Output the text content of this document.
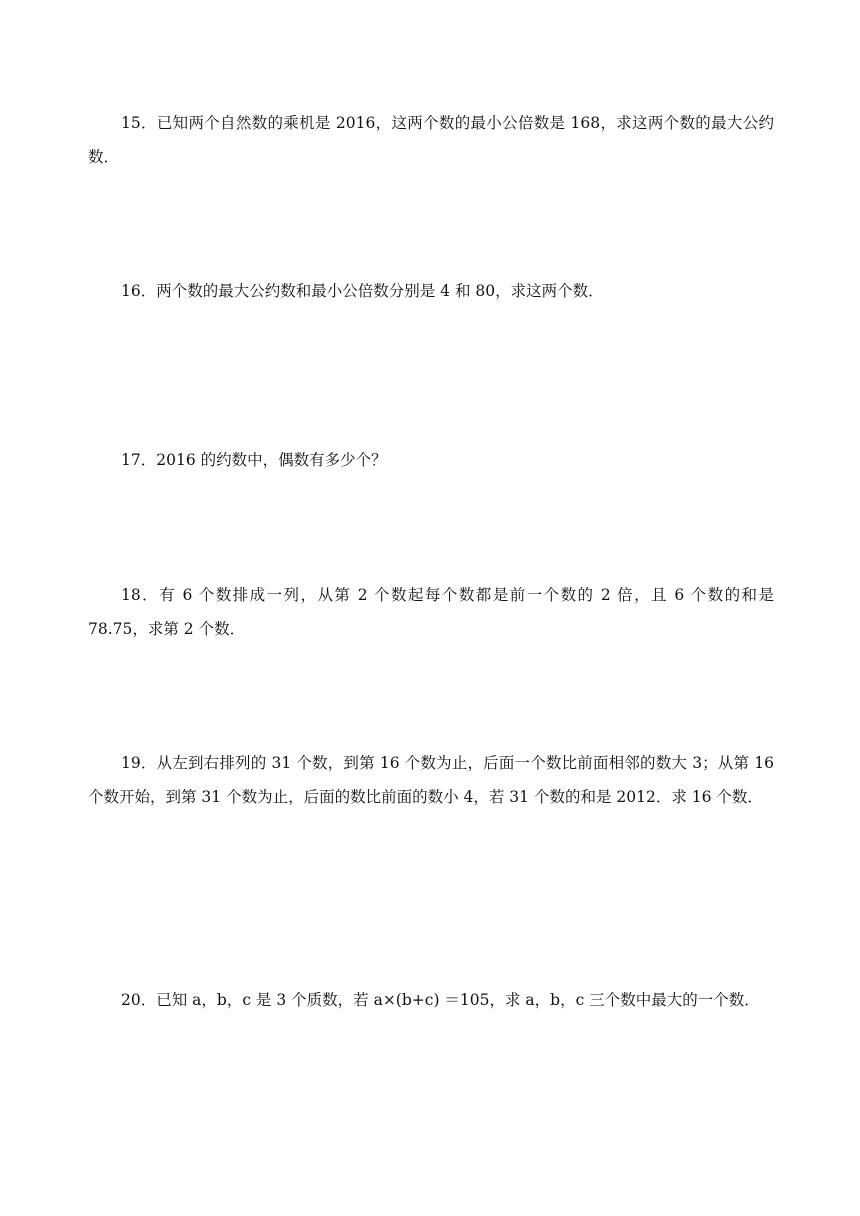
15．已知两个自然数的乘机是 2016，这两个数的最小公倍数是 168，求这两个数的最大公约数．

16．两个数的最大公约数和最小公倍数分别是 4 和 80，求这两个数．

17．2016 的约数中，偶数有多少个？

18．有 6 个数排成一列，从第 2 个数起每个数都是前一个数的 2 倍，且 6 个数的和是 78.75，求第 2 个数．

19．从左到右排列的 31 个数，到第 16 个数为止，后面一个数比前面相邻的数大 3；从第 16 个数开始，到第 31 个数为止，后面的数比前面的数小 4，若 31 个数的和是 2012．求 16 个数．

20．已知 a，b，c 是 3 个质数，若 a×(b+c) ＝105，求 a，b，c 三个数中最大的一个数．
